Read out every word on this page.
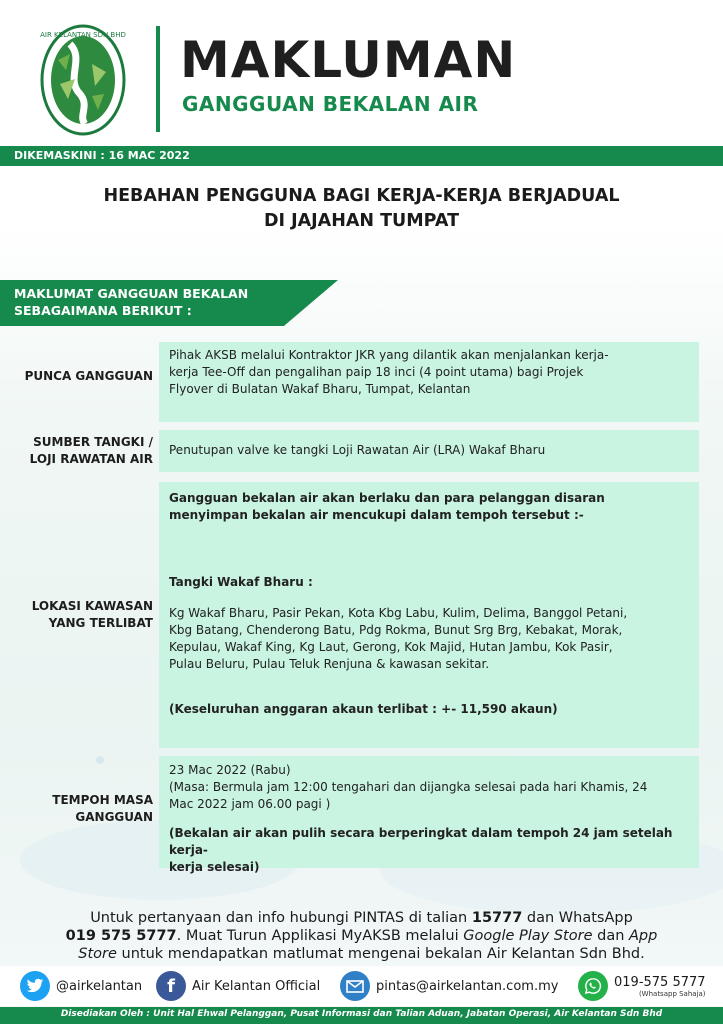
AIR KELANTAN SDN BHD MAKLUMAN
GANGGUAN BEKALAN AIR
DIKEMASKINI : 16 MAC 2022
HEBAHAN PENGGUNA BAGI KERJA-KERJA BERJADUAL
DI JAJAHAN TUMPAT
MAKLUMAT GANGGUAN BEKALAN
SEBAGAIMANA BERIKUT :
PUNCA GANGGUAN
Pihak AKSB melalui Kontraktor JKR yang dilantik akan menjalankan kerja-
kerja Tee-Off dan pengalihan paip 18 inci (4 point utama) bagi Projek
Flyover di Bulatan Wakaf Bharu, Tumpat, Kelantan
SUMBER TANGKI /
LOJI RAWATAN AIR
Penutupan valve ke tangki Loji Rawatan Air (LRA) Wakaf Bharu
LOKASI KAWASAN
YANG TERLIBAT
Gangguan bekalan air akan berlaku dan para pelanggan disaran
menyimpan bekalan air mencukupi dalam tempoh tersebut :-
Tangki Wakaf Bharu :
Kg Wakaf Bharu, Pasir Pekan, Kota Kbg Labu, Kulim, Delima, Banggol Petani,
Kbg Batang, Chenderong Batu, Pdg Rokma, Bunut Srg Brg, Kebakat, Morak,
Kepulau, Wakaf King, Kg Laut, Gerong, Kok Majid, Hutan Jambu, Kok Pasir,
Pulau Beluru, Pulau Teluk Renjuna & kawasan sekitar.
(Keseluruhan anggaran akaun terlibat : +- 11,590 akaun)
TEMPOH MASA
GANGGUAN
23 Mac 2022 (Rabu)
(Masa: Bermula jam 12:00 tengahari dan dijangka selesai pada hari Khamis, 24
Mac 2022 jam 06.00 pagi )
(Bekalan air akan pulih secara berperingkat dalam tempoh 24 jam setelah kerja-
kerja selesai)
Untuk pertanyaan dan info hubungi PINTAS di talian 15777 dan WhatsApp
019 575 5777. Muat Turun Applikasi MyAKSB melalui Google Play Store dan App
Store untuk mendapatkan matlumat mengenai bekalan Air Kelantan Sdn Bhd.
@airkelantan	f	Air Kelantan Official	pintas@airkelantan.com.my	019-575 5777
(Whatsapp Sahaja)
Disediakan Oleh : Unit Hal Ehwal Pelanggan, Pusat Informasi dan Talian Aduan, Jabatan Operasi, Air Kelantan Sdn Bhd
